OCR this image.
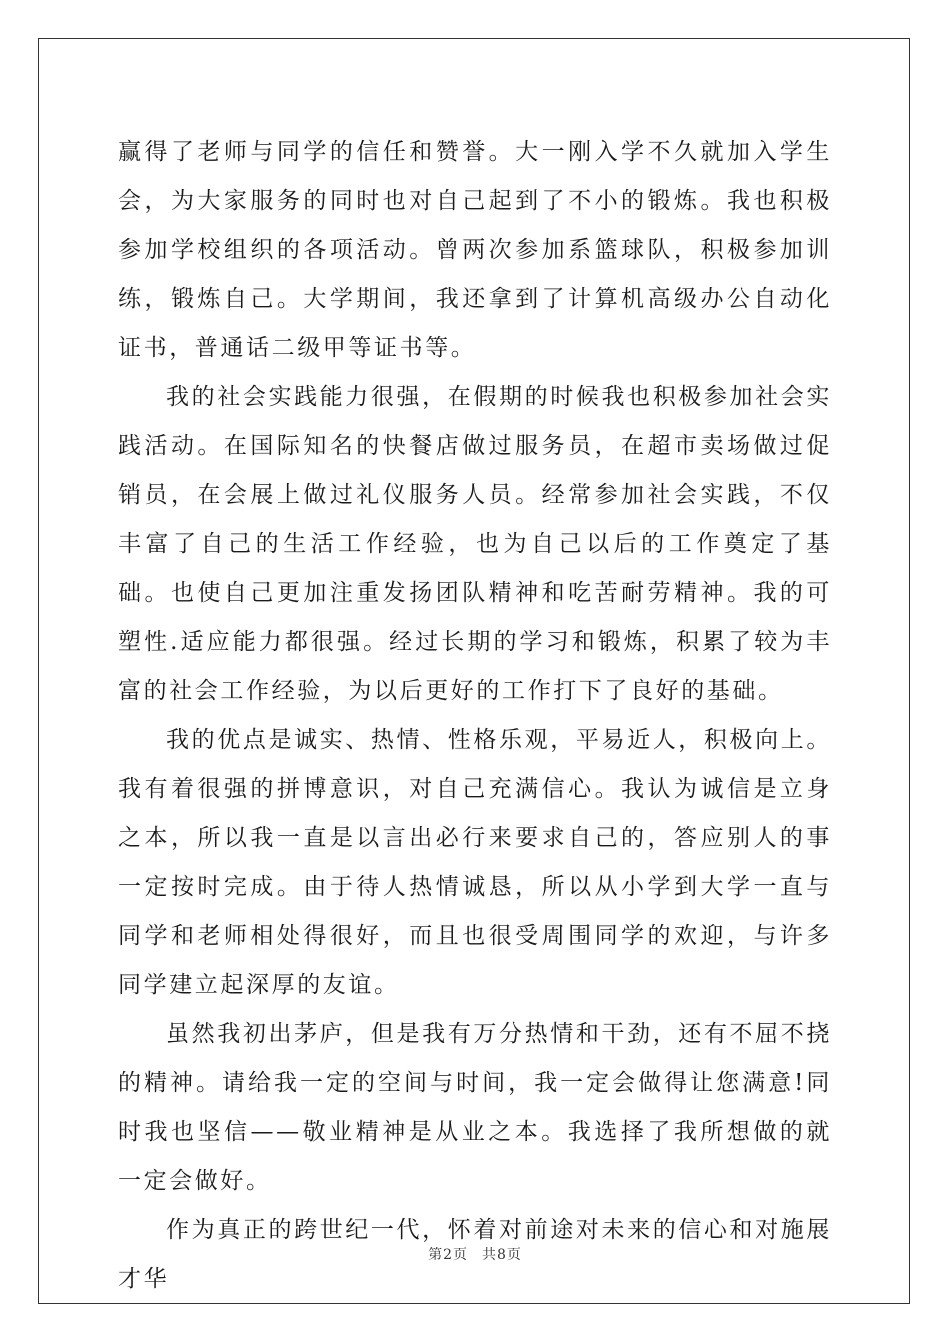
赢得了老师与同学的信任和赞誉。大一刚入学不久就加入学生会，为大家服务的同时也对自己起到了不小的锻炼。我也积极参加学校组织的各项活动。曾两次参加系篮球队，积极参加训练，锻炼自己。大学期间，我还拿到了计算机高级办公自动化证书，普通话二级甲等证书等。

我的社会实践能力很强，在假期的时候我也积极参加社会实践活动。在国际知名的快餐店做过服务员，在超市卖场做过促销员，在会展上做过礼仪服务人员。经常参加社会实践，不仅丰富了自己的生活工作经验，也为自己以后的工作奠定了基础。也使自己更加注重发扬团队精神和吃苦耐劳精神。我的可塑性.适应能力都很强。经过长期的学习和锻炼，积累了较为丰富的社会工作经验，为以后更好的工作打下了良好的基础。

我的优点是诚实、热情、性格乐观，平易近人，积极向上。我有着很强的拼博意识，对自己充满信心。我认为诚信是立身之本，所以我一直是以言出必行来要求自己的，答应别人的事一定按时完成。由于待人热情诚恳，所以从小学到大学一直与同学和老师相处得很好，而且也很受周围同学的欢迎，与许多同学建立起深厚的友谊。

虽然我初出茅庐，但是我有万分热情和干劲，还有不屈不挠的精神。请给我一定的空间与时间，我一定会做得让您满意!同时我也坚信——敬业精神是从业之本。我选择了我所想做的就一定会做好。

作为真正的跨世纪一代，怀着对前途对未来的信心和对施展才华

第2页 共8页
